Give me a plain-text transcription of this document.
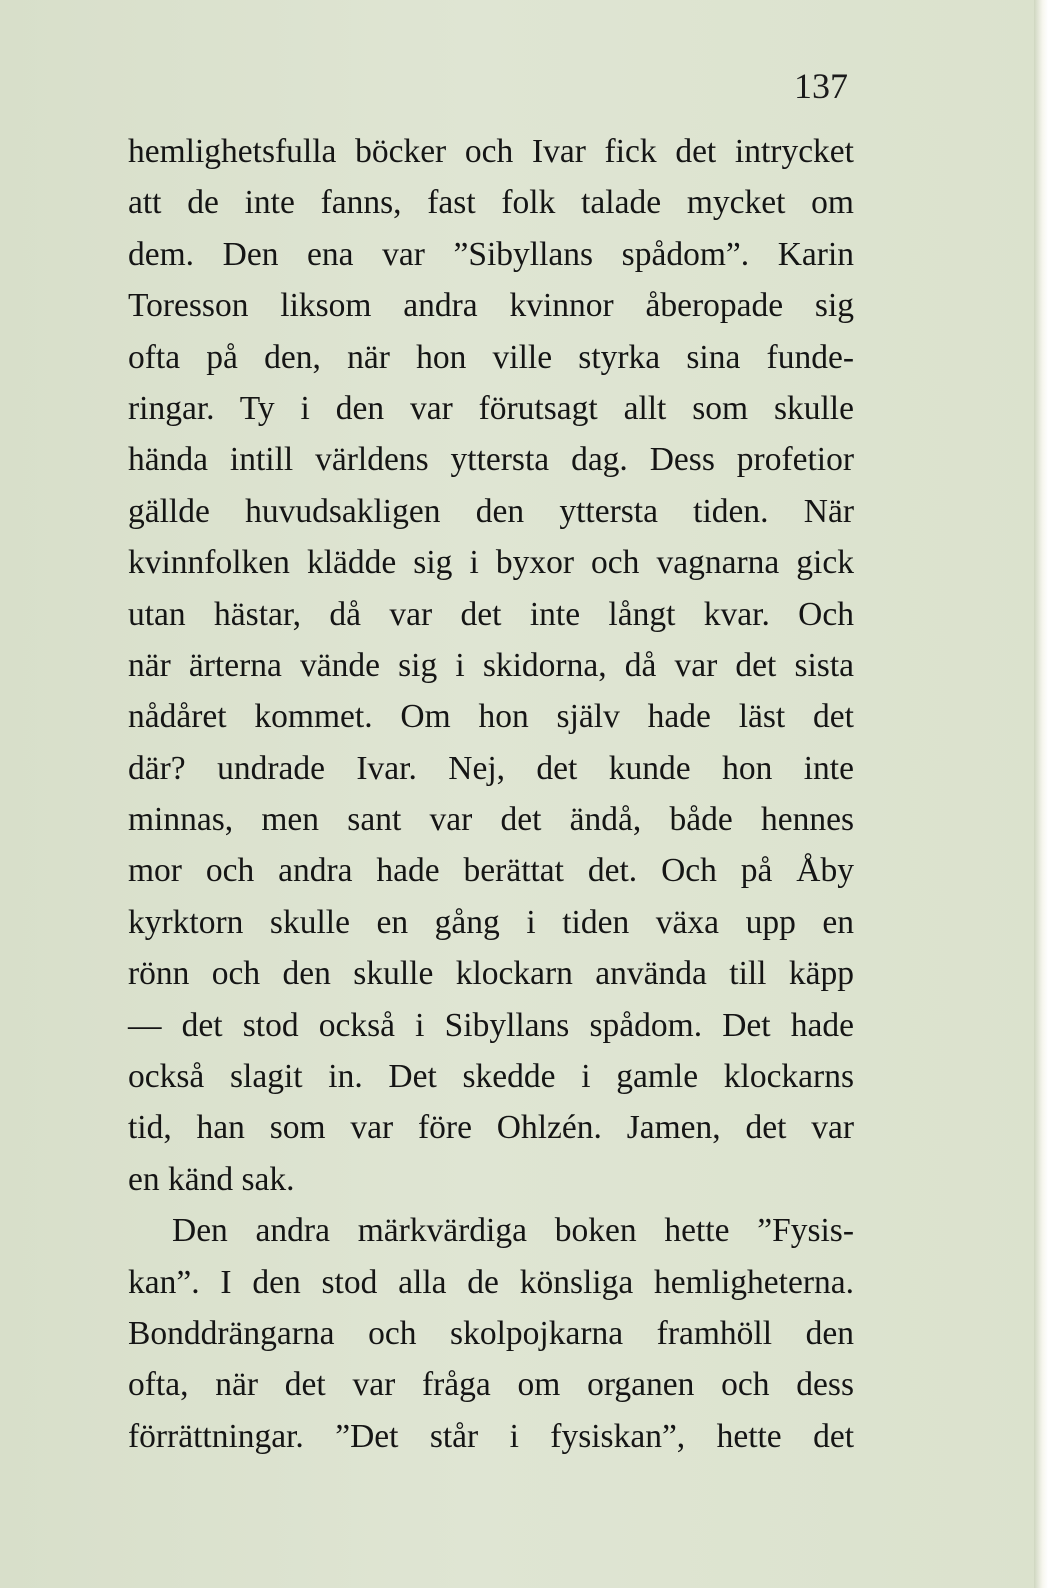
137
hemlighetsfulla böcker och Ivar fick det intrycket
att de inte fanns, fast folk talade mycket om
dem. Den ena var ”Sibyllans spådom”. Karin
Toresson liksom andra kvinnor åberopade sig
ofta på den, när hon ville styrka sina funde-
ringar. Ty i den var förutsagt allt som skulle
hända intill världens yttersta dag. Dess profetior
gällde huvudsakligen den yttersta tiden. När
kvinnfolken klädde sig i byxor och vagnarna gick
utan hästar, då var det inte långt kvar. Och
när ärterna vände sig i skidorna, då var det sista
nådåret kommet. Om hon själv hade läst det
där? undrade Ivar. Nej, det kunde hon inte
minnas, men sant var det ändå, både hennes
mor och andra hade berättat det. Och på Åby
kyrktorn skulle en gång i tiden växa upp en
rönn och den skulle klockarn använda till käpp
— det stod också i Sibyllans spådom. Det hade
också slagit in. Det skedde i gamle klockarns
tid, han som var före Ohlzén. Jamen, det var
en känd sak.
Den andra märkvärdiga boken hette ”Fysis-
kan”. I den stod alla de könsliga hemligheterna.
Bonddrängarna och skolpojkarna framhöll den
ofta, när det var fråga om organen och dess
förrättningar. ”Det står i fysiskan”, hette det
